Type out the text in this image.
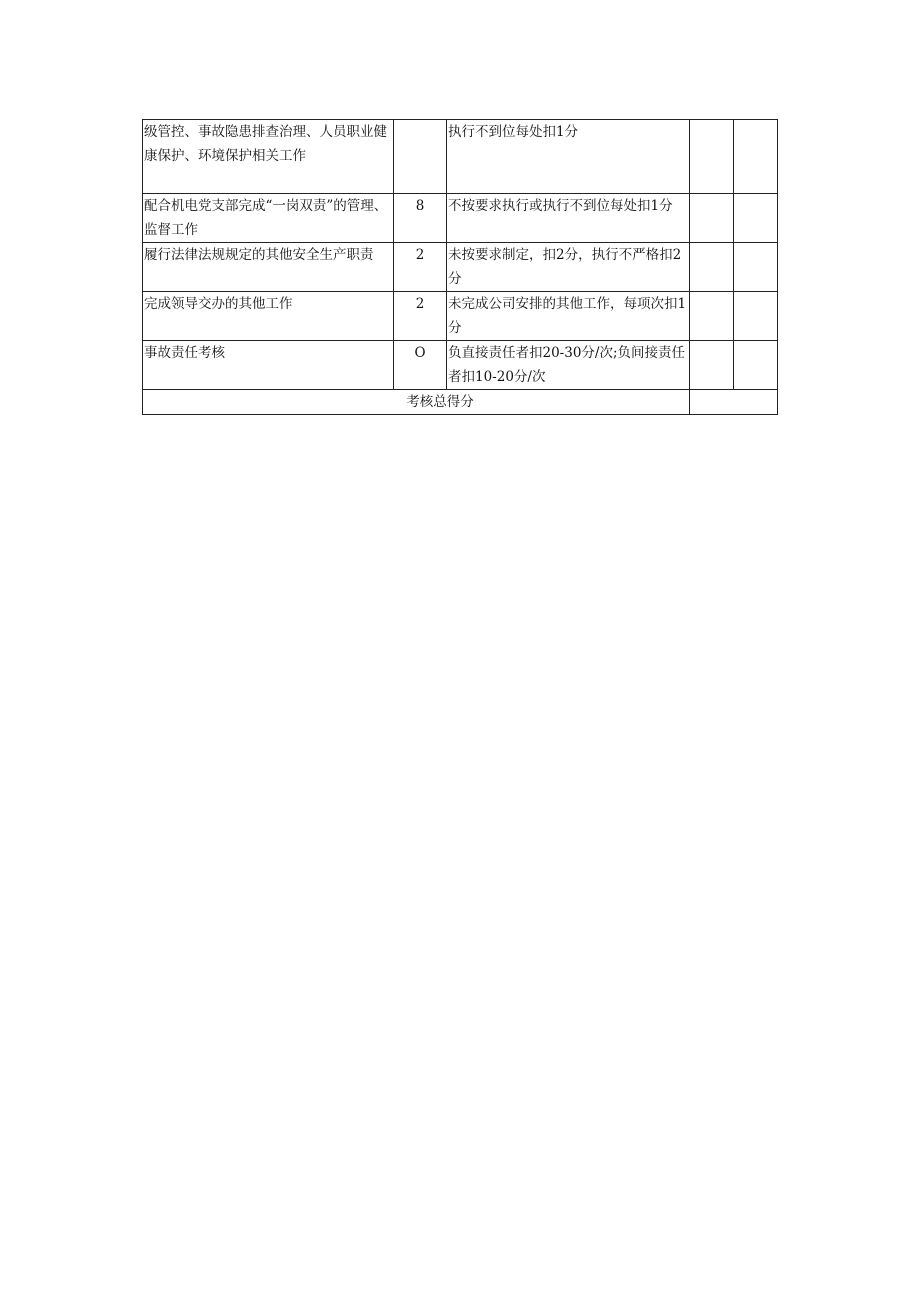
级管控、事故隐患排查治理、人员职业健康保护、环境保护相关工作		执行不到位每处扣1分		
配合机电党支部完成“一岗双责”的管理、监督工作	8	不按要求执行或执行不到位每处扣1分		
履行法律法规规定的其他安全生产职责	2	未按要求制定，扣2分，执行不严格扣2分		
完成领导交办的其他工作	2	未完成公司安排的其他工作，每项次扣1分		
事故责任考核	O	负直接责任者扣20-30分/次;负间接责任者扣10-20分/次		
考核总得分				
